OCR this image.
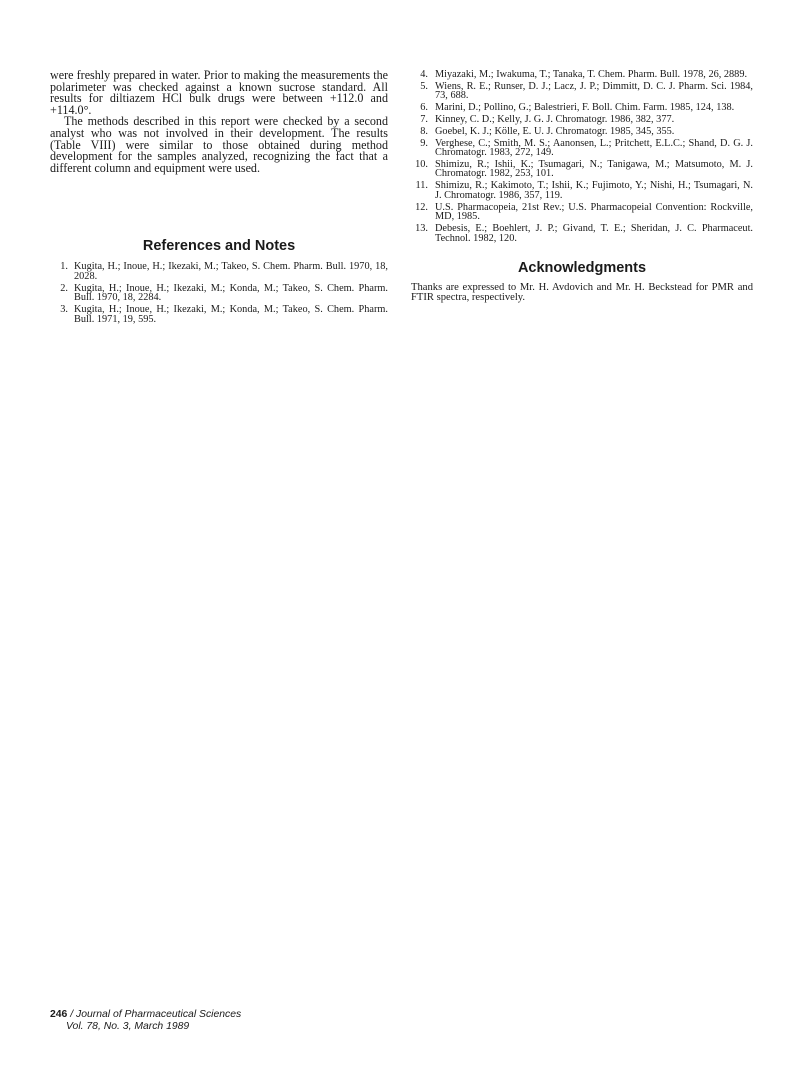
were freshly prepared in water. Prior to making the measurements the polarimeter was checked against a known sucrose standard. All results for diltiazem HCl bulk drugs were between +112.0 and +114.0°.

The methods described in this report were checked by a second analyst who was not involved in their development. The results (Table VIII) were similar to those obtained during method development for the samples analyzed, recognizing the fact that a different column and equipment were used.

References and Notes
1. Kugita, H.; Inoue, H.; Ikezaki, M.; Takeo, S. Chem. Pharm. Bull. 1970, 18, 2028.
2. Kugita, H.; Inoue, H.; Ikezaki, M.; Konda, M.; Takeo, S. Chem. Pharm. Bull. 1970, 18, 2284.
3. Kugita, H.; Inoue, H.; Ikezaki, M.; Konda, M.; Takeo, S. Chem. Pharm. Bull. 1971, 19, 595.
4. Miyazaki, M.; Iwakuma, T.; Tanaka, T. Chem. Pharm. Bull. 1978, 26, 2889.
5. Wiens, R. E.; Runser, D. J.; Lacz, J. P.; Dimmitt, D. C. J. Pharm. Sci. 1984, 73, 688.
6. Marini, D.; Pollino, G.; Balestrieri, F. Boll. Chim. Farm. 1985, 124, 138.
7. Kinney, C. D.; Kelly, J. G. J. Chromatogr. 1986, 382, 377.
8. Goebel, K. J.; Kölle, E. U. J. Chromatogr. 1985, 345, 355.
9. Verghese, C.; Smith, M. S.; Aanonsen, L.; Pritchett, E.L.C.; Shand, D. G. J. Chromatogr. 1983, 272, 149.
10. Shimizu, R.; Ishii, K.; Tsumagari, N.; Tanigawa, M.; Matsumoto, M. J. Chromatogr. 1982, 253, 101.
11. Shimizu, R.; Kakimoto, T.; Ishii, K.; Fujimoto, Y.; Nishi, H.; Tsumagari, N. J. Chromatogr. 1986, 357, 119.
12. U.S. Pharmacopeia, 21st Rev.; U.S. Pharmacopeial Convention: Rockville, MD, 1985.
13. Debesis, E.; Boehlert, J. P.; Givand, T. E.; Sheridan, J. C. Pharmaceut. Technol. 1982, 120.
Acknowledgments

Thanks are expressed to Mr. H. Avdovich and Mr. H. Beckstead for PMR and FTIR spectra, respectively.

246 / Journal of Pharmaceutical Sciences
Vol. 78, No. 3, March 1989
